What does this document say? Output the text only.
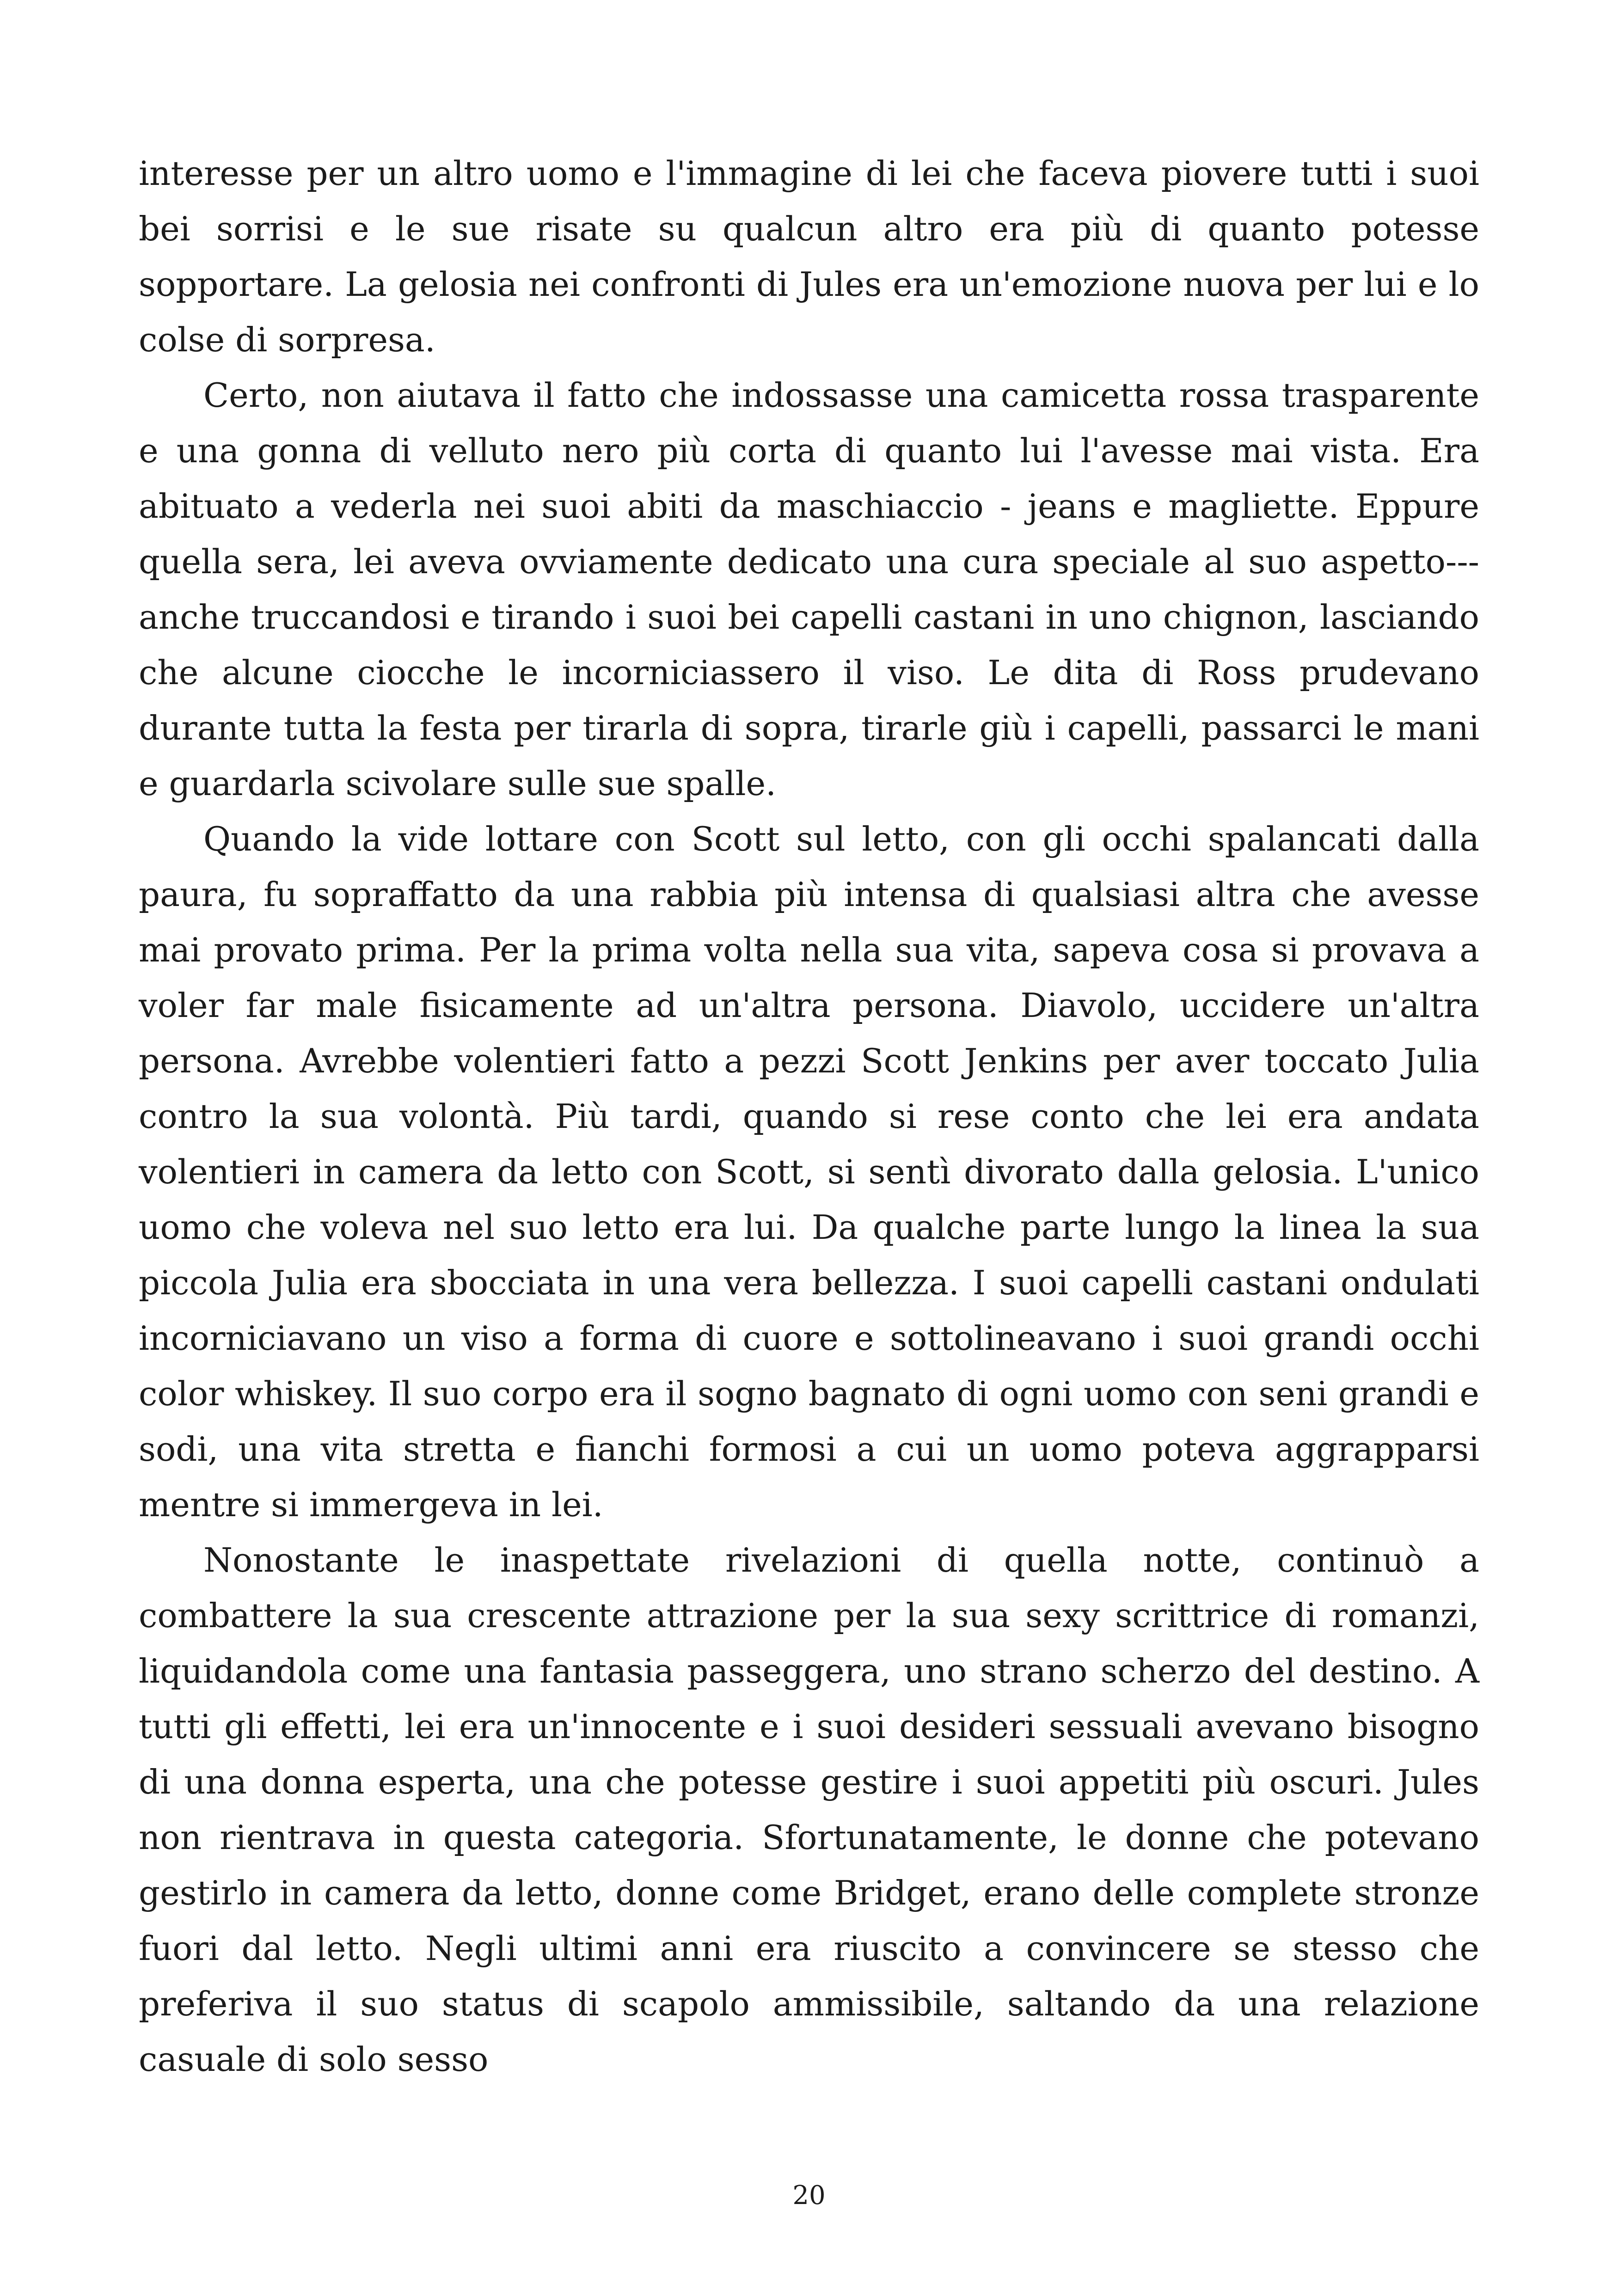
interesse per un altro uomo e l'immagine di lei che faceva piovere tutti i suoi bei sorrisi e le sue risate su qualcun altro era più di quanto potesse sopportare. La gelosia nei confronti di Jules era un'emozione nuova per lui e lo colse di sorpresa.

Certo, non aiutava il fatto che indossasse una camicetta rossa trasparente e una gonna di velluto nero più corta di quanto lui l'avesse mai vista. Era abituato a vederla nei suoi abiti da maschiaccio - jeans e magliette. Eppure quella sera, lei aveva ovviamente dedicato una cura speciale al suo aspetto---anche truccandosi e tirando i suoi bei capelli castani in uno chignon, lasciando che alcune ciocche le incorniciassero il viso. Le dita di Ross prudevano durante tutta la festa per tirarla di sopra, tirarle giù i capelli, passarci le mani e guardarla scivolare sulle sue spalle.

Quando la vide lottare con Scott sul letto, con gli occhi spalancati dalla paura, fu sopraffatto da una rabbia più intensa di qualsiasi altra che avesse mai provato prima. Per la prima volta nella sua vita, sapeva cosa si provava a voler far male fisicamente ad un'altra persona. Diavolo, uccidere un'altra persona. Avrebbe volentieri fatto a pezzi Scott Jenkins per aver toccato Julia contro la sua volontà. Più tardi, quando si rese conto che lei era andata volentieri in camera da letto con Scott, si sentì divorato dalla gelosia. L'unico uomo che voleva nel suo letto era lui. Da qualche parte lungo la linea la sua piccola Julia era sbocciata in una vera bellezza. I suoi capelli castani ondulati incorniciavano un viso a forma di cuore e sottolineavano i suoi grandi occhi color whiskey. Il suo corpo era il sogno bagnato di ogni uomo con seni grandi e sodi, una vita stretta e fianchi formosi a cui un uomo poteva aggrapparsi mentre si immergeva in lei.

Nonostante le inaspettate rivelazioni di quella notte, continuò a combattere la sua crescente attrazione per la sua sexy scrittrice di romanzi, liquidandola come una fantasia passeggera, uno strano scherzo del destino. A tutti gli effetti, lei era un'innocente e i suoi desideri sessuali avevano bisogno di una donna esperta, una che potesse gestire i suoi appetiti più oscuri. Jules non rientrava in questa categoria. Sfortunatamente, le donne che potevano gestirlo in camera da letto, donne come Bridget, erano delle complete stronze fuori dal letto. Negli ultimi anni era riuscito a convincere se stesso che preferiva il suo status di scapolo ammissibile, saltando da una relazione casuale di solo sesso

20
